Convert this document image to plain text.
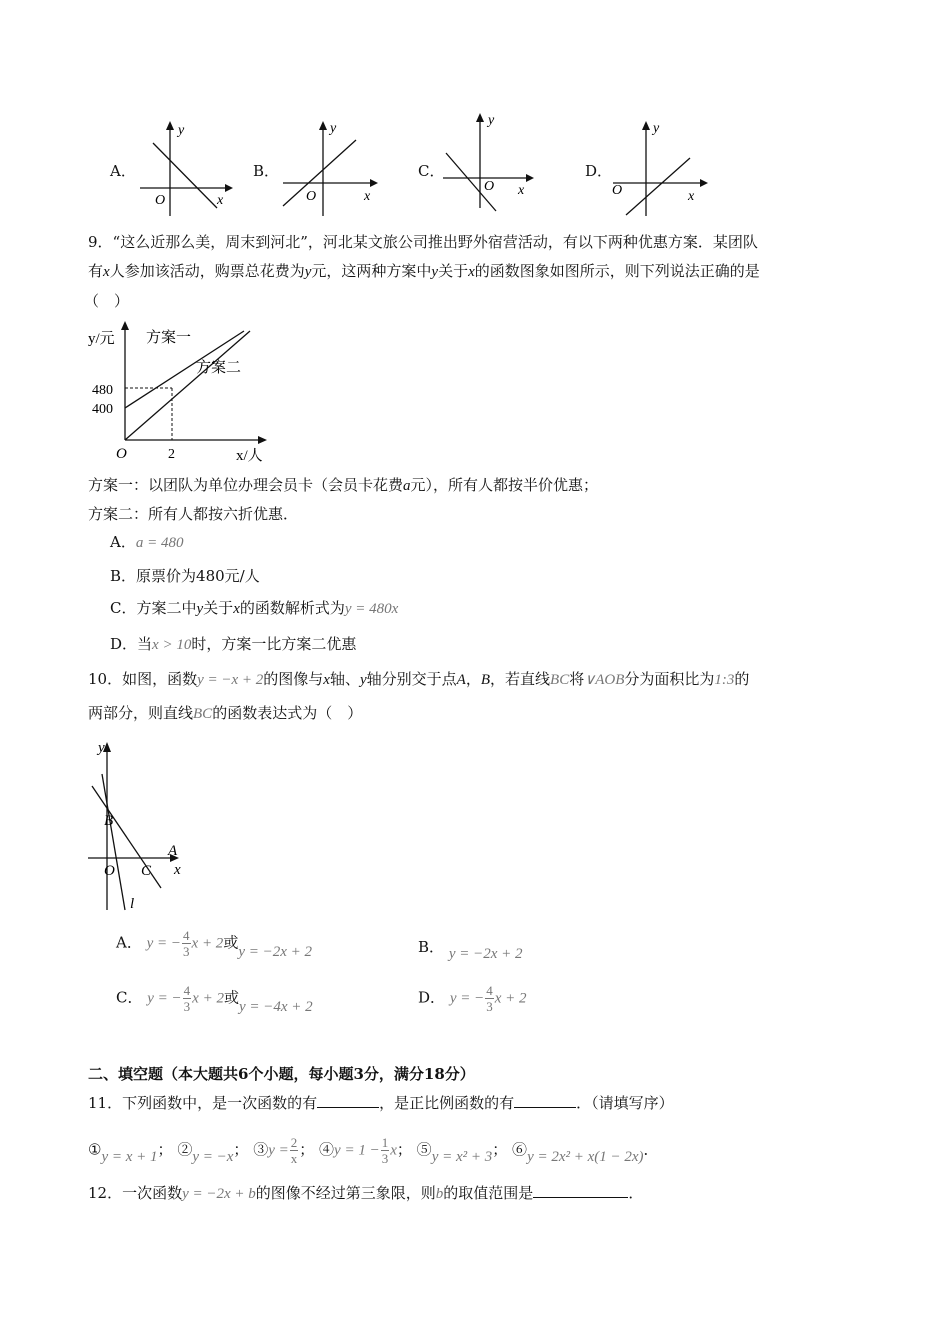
A．
y
x
O
B．
y
x
O
C．
y
x
O
D．
y
x
O
9．“这么近那么美，周末到河北”，河北某文旅公司推出野外宿营活动，有以下两种优惠方案．某团队
有x人参加该活动，购票总花费为y元，这两种方案中y关于x的函数图象如图所示，则下列说法正确的是
（　）
y/元 方案一
方案二
480
400
O	2	x/人
方案一：以团队为单位办理会员卡（会员卡花费a元），所有人都按半价优惠；
方案二：所有人都按六折优惠．
A．a = 480
B．原票价为480元/人
C．方案二中y关于x的函数解析式为y = 480x
D．当x > 10时，方案一比方案二优惠
10．如图，函数y = −x + 2的图像与x轴、y轴分别交于点A，B，若直线BC将∨AOB分为面积比为1:3的
两部分，则直线BC的函数表达式为（　）
y
x
B
A
O C
l
A． y = − $\frac{4}{3}$ x + 2或y = −2x + 2	B． y = −2x + 2
C． y = − $\frac{4}{3}$ x + 2或y = −4x + 2	D． y = − $\frac{4}{3}$ x + 2
二、填空题（本大题共6个小题，每小题3分，满分18分）
11．下列函数中，是一次函数的有	，是正比例函数的有	．（请填写序）
①y = x + 1； ②y = −x； ③y = $\frac{2}{x}$ ； ④y = $1 - \frac{1}{3}$ x； ⑤y = x² + 3； ⑥y = 2x² + x(1 − 2x)．
12．一次函数y = −2x + b的图像不经过第三象限，则b的取值范围是	．
